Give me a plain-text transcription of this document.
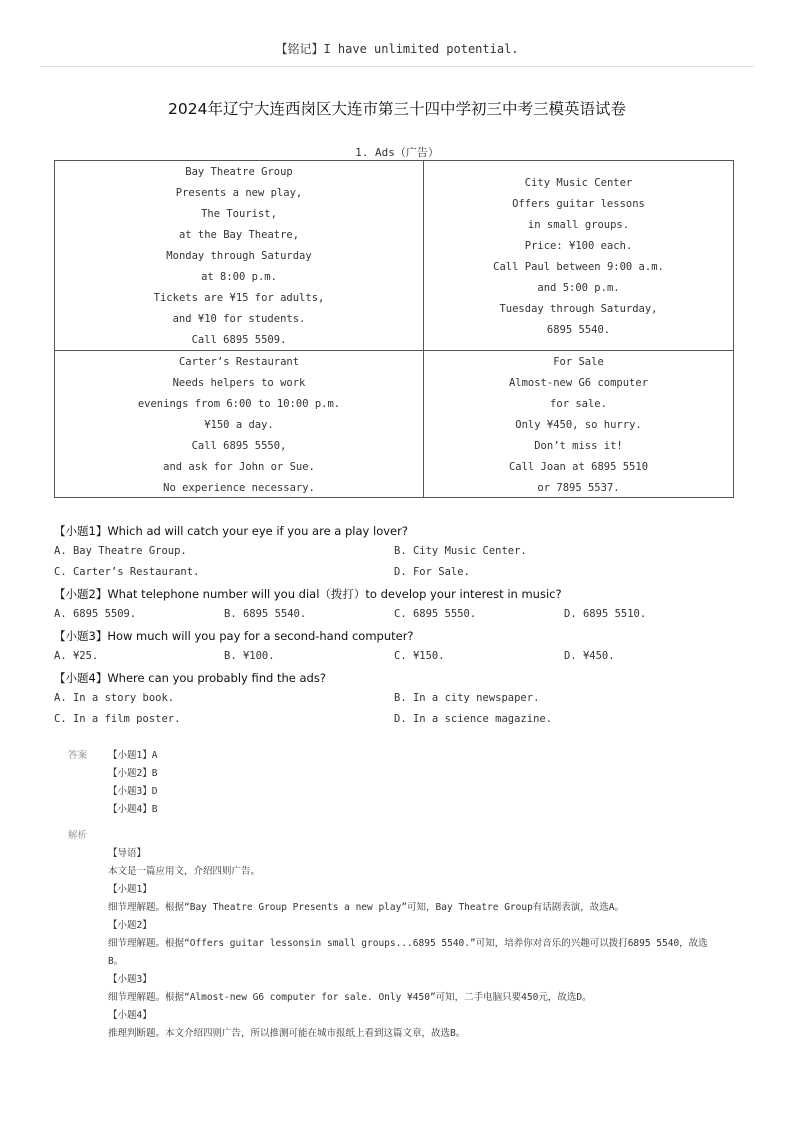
【铭记】I have unlimited potential.
2024年辽宁大连西岗区大连市第三十四中学初三中考三模英语试卷
1. Ads（广告）
Bay Theatre Group
Presents a new play,
The Tourist,
at the Bay Theatre,
Monday through Saturday
at 8:00 p.m.
Tickets are ¥15 for adults,
and ¥10 for students.
Call 6895 5509.
City Music Center
Offers guitar lessons
in small groups.
Price: ¥100 each.
Call Paul between 9:00 a.m.
and 5:00 p.m.
Tuesday through Saturday,
6895 5540.
Carter’s Restaurant
Needs helpers to work
evenings from 6:00 to 10:00 p.m.
¥150 a day.
Call 6895 5550,
and ask for John or Sue.
No experience necessary.
For Sale
Almost-new G6 computer
for sale.
Only ¥450, so hurry.
Don’t miss it!
Call Joan at 6895 5510
or 7895 5537.
【小题1】Which ad will catch your eye if you are a play lover?
A. Bay Theatre Group.	B. City Music Center.
C. Carter’s Restaurant.	D. For Sale.
【小题2】What telephone number will you dial（拨打）to develop your interest in music?
A. 6895 5509.	B. 6895 5540.	C. 6895 5550.	D. 6895 5510.
【小题3】How much will you pay for a second-hand computer?
A. ¥25.	B. ¥100.	C. ¥150.	D. ¥450.
【小题4】Where can you probably find the ads?
A. In a story book.	B. In a city newspaper.
C. In a film poster.	D. In a science magazine.
答案 【小题1】A
【小题2】B
【小题3】D
【小题4】B
解析
【导语】
本文是一篇应用文，介绍四则广告。
【小题1】
细节理解题。根据“Bay Theatre Group Presents a new play”可知，Bay Theatre Group有话剧表演，故选A。
【小题2】
细节理解题。根据“Offers guitar lessonsin small groups...6895 5540.”可知，培养你对音乐的兴趣可以拨打6895 5540，故选
B。
【小题3】
细节理解题。根据“Almost-new G6 computer for sale. Only ¥450”可知，二手电脑只要450元，故选D。
【小题4】
推理判断题。本文介绍四则广告，所以推测可能在城市报纸上看到这篇文章，故选B。
